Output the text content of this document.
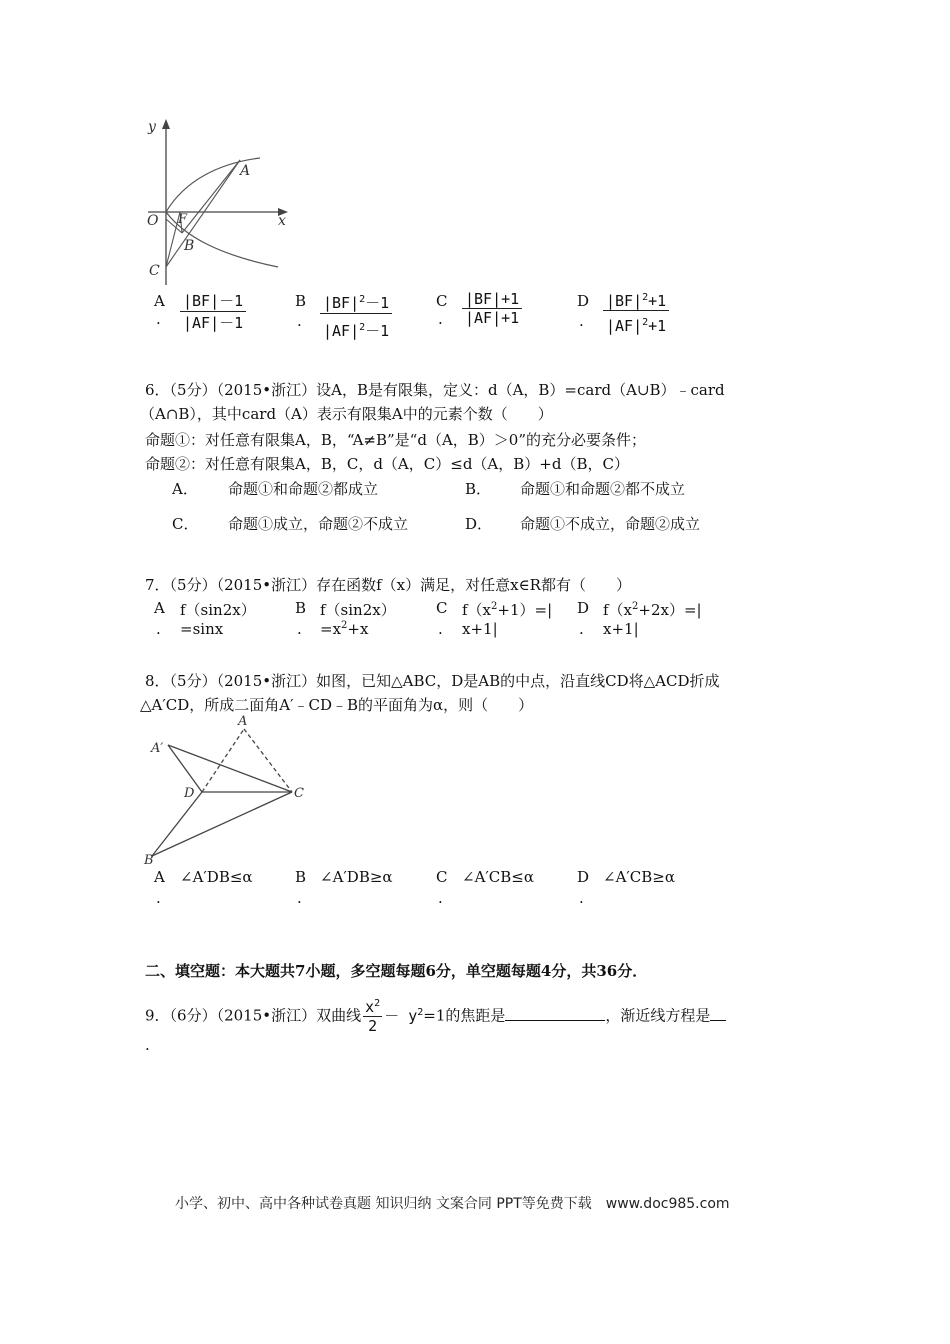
y
x
O F
A
B
C
A
. $\frac{|BF|-1}{|AF|-1}$	B
. $\frac{|BF|^2-1}{|AF|^2-1}$	C
. $\frac{|BF|+1}{|AF|+1}$	D
. $\frac{|BF|^2+1}{|AF|^2+1}$
6．（5分）（2015•浙江）设A，B是有限集，定义：d（A，B）=card（A∪B）﹣card
（A∩B），其中card（A）表示有限集A中的元素个数（　　）
命题①：对任意有限集A，B，“A≠B”是“d（A，B）＞0”的充分必要条件；
命题②：对任意有限集A，B，C，d（A，C）≤d（A，B）+d（B，C）
A． 命题①和命题②都成立	B． 命题①和命题②都不成立
C． 命题①成立，命题②不成立	D． 命题①不成立，命题②成立
7．（5分）（2015•浙江）存在函数f（x）满足，对任意x∈R都有（　　）
A
.
f（sin2x）
=sinx
B
.
f（sin2x）
$=x^2+x$
C
.
$f(x^2+1)=|$
x+1|
D
.
$f(x^2+2x)=|$
x+1|
8．（5分）（2015•浙江）如图，已知△ABC，D是AB的中点，沿直线CD将△ACD折成
△A′CD，所成二面角A′﹣CD﹣B的平面角为α，则（　　）
A
A′
D	C
B
A
.
∠A′DB≤α	B
.
∠A′DB≥α	C
.
∠A′CB≤α	D
.
∠A′CB≥α
二、填空题：本大题共7小题，多空题每题6分，单空题每题4分，共36分．
9．（6分）（2015•浙江）双曲线 $\frac{x^2}{2} - y^2=1$的焦距是	，渐近线方程是
.
小学、初中、高中各种试卷真题 知识归纳 文案合同 PPT等免费下载　www.doc985.com
